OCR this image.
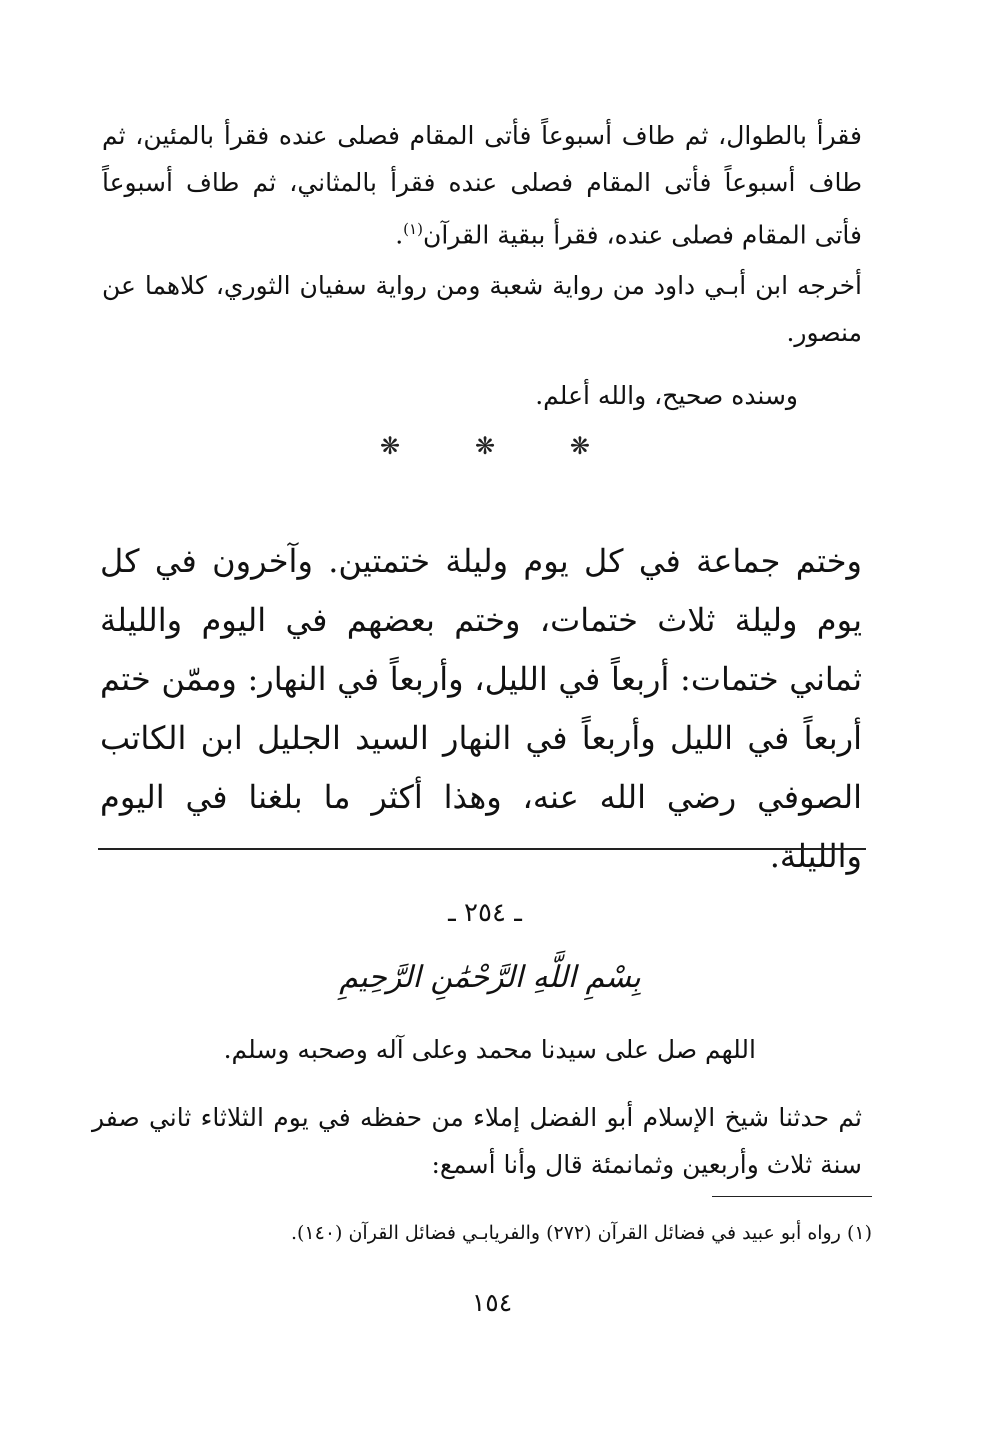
فقرأ بالطوال، ثم طاف أسبوعاً فأتى المقام فصلى عنده فقرأ بالمئين، ثم طاف أسبوعاً فأتى المقام فصلى عنده فقرأ بالمثاني، ثم طاف أسبوعاً فأتى المقام فصلى عنده، فقرأ ببقية القرآن$^{(١)}$.
أخرجه ابن أبـي داود من رواية شعبة ومن رواية سفيان الثوري، كلاهما عن منصور.
وسنده صحيح، والله أعلم.
❋	❋	❋
وختم جماعة في كل يوم وليلة ختمتين. وآخرون في كل يوم وليلة ثلاث ختمات، وختم بعضهم في اليوم والليلة ثماني ختمات: أربعاً في الليل، وأربعاً في النهار: وممّن ختم أربعاً في الليل وأربعاً في النهار السيد الجليل ابن الكاتب الصوفي رضي الله عنه، وهذا أكثر ما بلغنا في اليوم والليلة.
ـ ٢٥٤ ـ
بِسْمِ اللَّهِ الرَّحْمَٰنِ الرَّحِيمِ
اللهم صل على سيدنا محمد وعلى آله وصحبه وسلم.
ثم حدثنا شيخ الإسلام أبو الفضل إملاء من حفظه في يوم الثلاثاء ثاني صفر سنة ثلاث وأربعين وثمانمئة قال وأنا أسمع:
(١) رواه أبو عبيد في فضائل القرآن (٢٧٢) والفريابـي فضائل القرآن (١٤٠).
١٥٤
